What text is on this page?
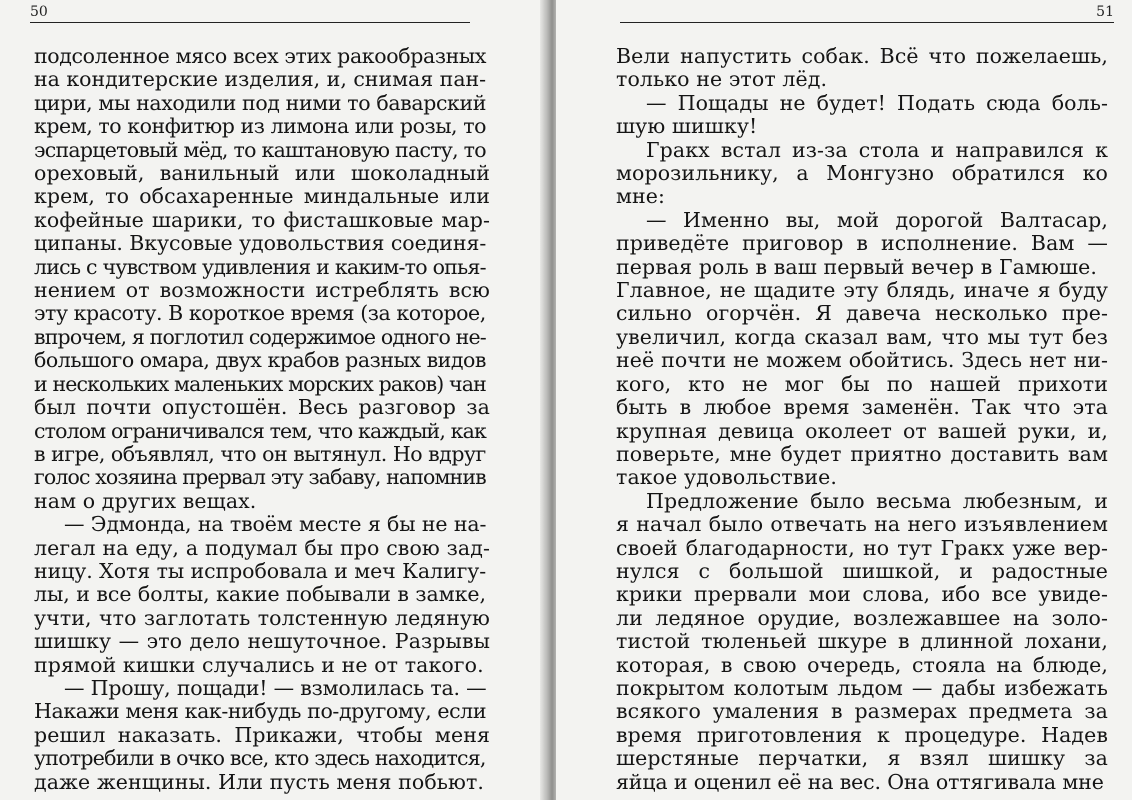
50
подсоленное мясо всех этих ракообразных
на кондитерские изделия, и, снимая пан-
цири, мы находили под ними то баварский
крем, то конфитюр из лимона или розы, то
эспарцетовый мёд, то каштановую пасту, то
ореховый, ванильный или шоколадный
крем, то обсахаренные миндальные или
кофейные шарики, то фисташковые мар-
ципаны. Вкусовые удовольствия соединя-
лись с чувством удивления и каким-то опья-
нением от возможности истреблять всю
эту красоту. В короткое время (за которое,
впрочем, я поглотил содержимое одного не-
большого омара, двух крабов разных видов
и нескольких маленьких морских раков) чан
был почти опустошён. Весь разговор за
столом ограничивался тем, что каждый, как
в игре, объявлял, что он вытянул. Но вдруг
голос хозяина прервал эту забаву, напомнив
нам о других вещах.
— Эдмонда, на твоём месте я бы не на-
легал на еду, а подумал бы про свою зад-
ницу. Хотя ты испробовала и меч Калигу-
лы, и все болты, какие побывали в замке,
учти, что заглотать толстенную ледяную
шишку — это дело нешуточное. Разрывы
прямой кишки случались и не от такого.
— Прошу, пощади! — взмолилась та. —
Накажи меня как-нибудь по-другому, если
решил наказать. Прикажи, чтобы меня
употребили в очко все, кто здесь находится,
даже женщины. Или пусть меня побьют.
51
Вели напустить собак. Всё что пожелаешь,
только не этот лёд.
— Пощады не будет! Подать сюда боль-
шую шишку!
Гракх встал из-за стола и направился к
морозильнику, а Монгузно обратился ко
мне:
— Именно вы, мой дорогой Валтасар,
приведёте приговор в исполнение. Вам —
первая роль в ваш первый вечер в Гамюше.
Главное, не щадите эту блядь, иначе я буду
сильно огорчён. Я давеча несколько пре-
увеличил, когда сказал вам, что мы тут без
неё почти не можем обойтись. Здесь нет ни-
кого, кто не мог бы по нашей прихоти
быть в любое время заменён. Так что эта
крупная девица околеет от вашей руки, и,
поверьте, мне будет приятно доставить вам
такое удовольствие.
Предложение было весьма любезным, и
я начал было отвечать на него изъявлением
своей благодарности, но тут Гракх уже вер-
нулся с большой шишкой, и радостные
крики прервали мои слова, ибо все увиде-
ли ледяное орудие, возлежавшее на золо-
тистой тюленьей шкуре в длинной лохани,
которая, в свою очередь, стояла на блюде,
покрытом колотым льдом — дабы избежать
всякого умаления в размерах предмета за
время приготовления к процедуре. Надев
шерстяные перчатки, я взял шишку за
яйца и оценил её на вес. Она оттягивала мне
